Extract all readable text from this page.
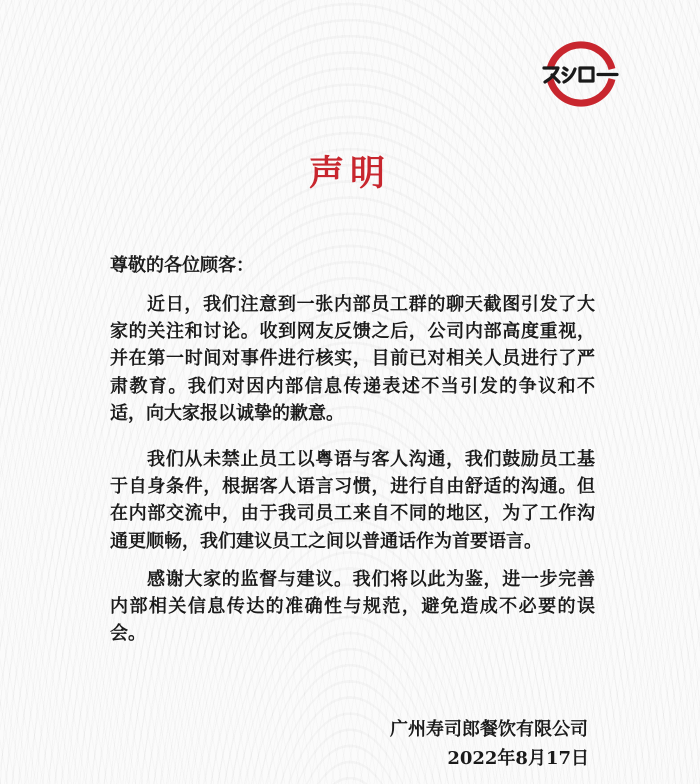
声明
尊敬的各位顾客：
近日，我们注意到一张内部员工群的聊天截图引发了大家的关注和讨论。收到网友反馈之后，公司内部高度重视，并在第一时间对事件进行核实，目前已对相关人员进行了严肃教育。我们对因内部信息传递表述不当引发的争议和不适，向大家报以诚挚的歉意。
我们从未禁止员工以粤语与客人沟通，我们鼓励员工基于自身条件，根据客人语言习惯，进行自由舒适的沟通。但在内部交流中，由于我司员工来自不同的地区，为了工作沟通更顺畅，我们建议员工之间以普通话作为首要语言。
感谢大家的监督与建议。我们将以此为鉴，进一步完善内部相关信息传达的准确性与规范，避免造成不必要的误会。
广州寿司郎餐饮有限公司
2022年8月17日
